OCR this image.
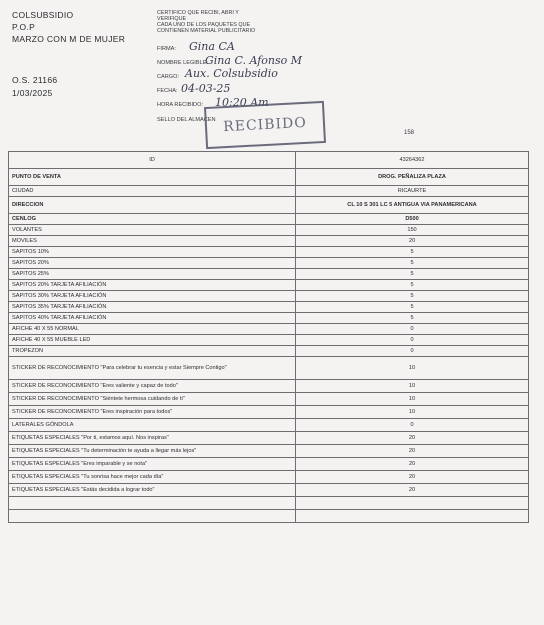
COLSUBSIDIO
P.O.P
MARZO CON M DE MUJER
O.S. 21166
1/03/2025
CERTIFICO QUE RECIBI, ABRI Y
VERIFIQUE
CADA UNO DE LOS PAQUETES QUE
CONTIENEN MATERIAL PUBLICITARIO
FIRMA: Gina CA
NOMBRE LEGIBLE:
Gina C. Afonso M
CARGO: Aux. Colsubsidio
FECHA: 04-03-25
HORA RECIBIDO: 10:20 Am
SELLO DEL ALMACEN RECIBIDO	158
ID	43264362
PUNTO DE VENTA	DROG. PEÑALIZA PLAZA
CIUDAD	RICAURTE
DIRECCION	CL 10 S 301 LC 5 ANTIGUA VIA PANAMERICANA
CENLOG	D500
VOLANTES	150
MOVILES	20
SAPITOS 10%	5
SAPITOS 20%	5
SAPITOS 25%	5
SAPITOS 20% TARJETA AFILIACIÓN	5
SAPITOS 30% TARJETA AFILIACIÓN	5
SAPITOS 35% TARJETA AFILIACIÓN	5
SAPITOS 40% TARJETA AFILIACIÓN	5
AFICHE 40 X 55 NORMAL	0
AFICHE 40 X 55 MUEBLE LED	0
TROPEZON	0
STICKER DE RECONOCIMIENTO "Para celebrar tu esencia y estar Siempre Contigo"	10
STICKER DE RECONOCIMIENTO "Eres valiente y capaz de todo"	10
STICKER DE RECONOCIMIENTO "Siéntete hermosa cuidando de ti"	10
STICKER DE RECONOCIMIENTO "Eres inspiración para todos"	10
LATERALES GÓNDOLA	0
ETIQUETAS ESPECIALES "Por ti, estamos aquí. Nos inspiras"	20
ETIQUETAS ESPECIALES "Tu determinación te ayuda a llegar más lejos"	20
ETIQUETAS ESPECIALES "Eres imparable y se nota"	20
ETIQUETAS ESPECIALES "Tu sonrisa hace mejor cada día"	20
ETIQUETAS ESPECIALES "Estás decidida a lograr todo"	20
